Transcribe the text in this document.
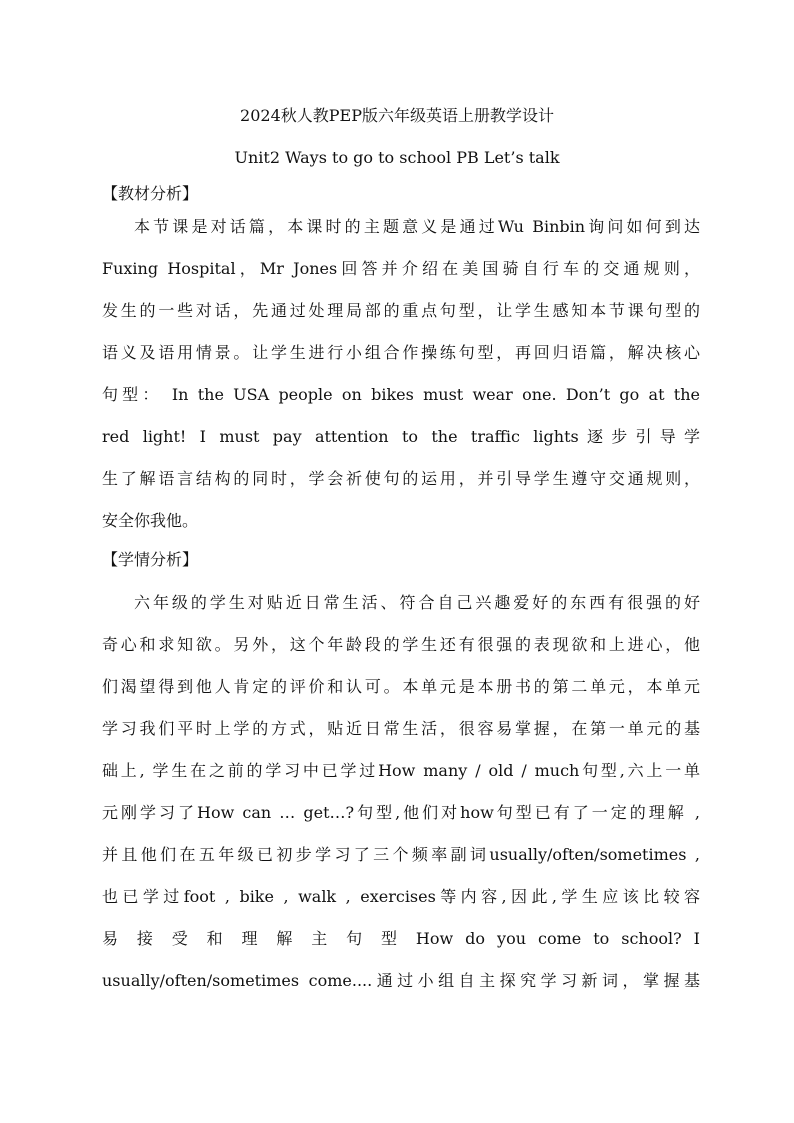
2024秋人教PEP版六年级英语上册教学设计
Unit2 Ways to go to school PB Let’s talk
【教材分析】
本节课是对话篇，本课时的主题意义是通过Wu Binbin询问如何到达
Fuxing Hospital，Mr Jones回答并介绍在美国骑自行车的交通规则，
发生的一些对话，先通过处理局部的重点句型，让学生感知本节课句型的
语义及语用情景。让学生进行小组合作操练句型，再回归语篇，解决核心
句型： In the USA people on bikes must wear one. Don’t go at the
red light! I must pay attention to the traffic lights逐步引导学
生了解语言结构的同时，学会祈使句的运用，并引导学生遵守交通规则，
安全你我他。
【学情分析】
六年级的学生对贴近日常生活、符合自己兴趣爱好的东西有很强的好
奇心和求知欲。另外，这个年龄段的学生还有很强的表现欲和上进心，他
们渴望得到他人肯定的评价和认可。本单元是本册书的第二单元，本单元
学习我们平时上学的方式，贴近日常生活，很容易掌握，在第一单元的基
础上, 学生在之前的学习中已学过How many / old / much句型,六上一单
元刚学习了How can … get…?句型,他们对how句型已有了一定的理解 ,
并且他们在五年级已初步学习了三个频率副词usually/often/sometimes ,
也已学过foot , bike , walk , exercises等内容,因此,学生应该比较容
易 接 受 和 理 解 主 句 型 How do you come to school? I
usually/often/sometimes come....通过小组自主探究学习新词，掌握基
